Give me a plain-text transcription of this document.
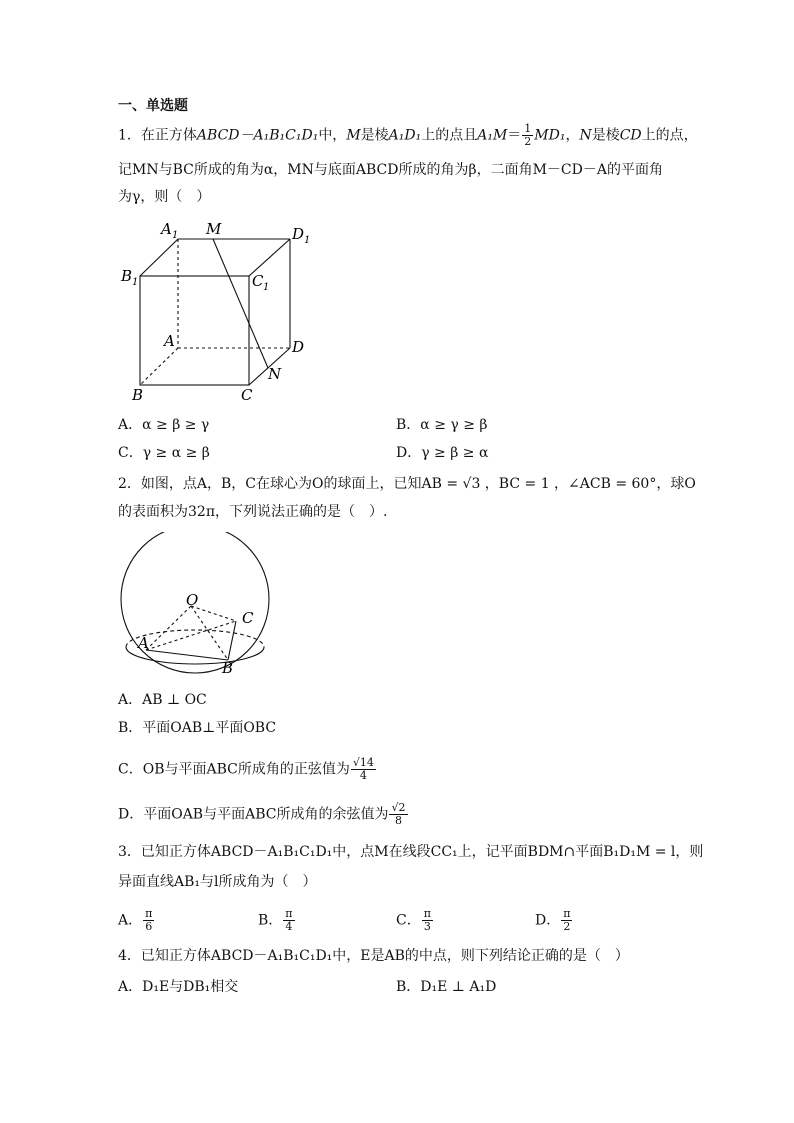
一、单选题
1．在正方体ABCD－A₁B₁C₁D₁中，M是棱A₁D₁上的点且$A_1M= \frac{1}{2} MD_1$，N是棱CD上的点，
记MN与BC所成的角为α，MN与底面ABCD所成的角为β，二面角M－CD－A的平面角
为γ，则（　）
A 1 M	D 1
B 1	C 1
A	D
N
B	C
A．α ≥ β ≥ γ	B．α ≥ γ ≥ β
C．γ ≥ α ≥ β	D．γ ≥ β ≥ α
2．如图，点A，B，C在球心为O的球面上，已知AB = √3 ，BC = 1 ，∠ACB = 60°，球O
的表面积为32π，下列说法正确的是（　）.
O
C
A
B
A．AB ⊥ OC
B．平面OAB⊥平面OBC
C．OB与平面ABC所成角的正弦值为 $\frac{√14}{4}$
D．平面OAB与平面ABC所成角的余弦值为 $\frac{√2}{8}$
3．已知正方体ABCD－A₁B₁C₁D₁中，点M在线段CC₁上，记平面BDM∩平面B₁D₁M = l，则
异面直线AB₁与l所成角为（　）
A． $\frac{\pi}{6}$	B． $\frac{\pi}{4}$	C． $\frac{\pi}{3}$	D． $\frac{\pi}{2}$
4．已知正方体ABCD－A₁B₁C₁D₁中，E是AB的中点，则下列结论正确的是（　）
A．D₁E与DB₁相交	B．D₁E ⊥ A₁D
